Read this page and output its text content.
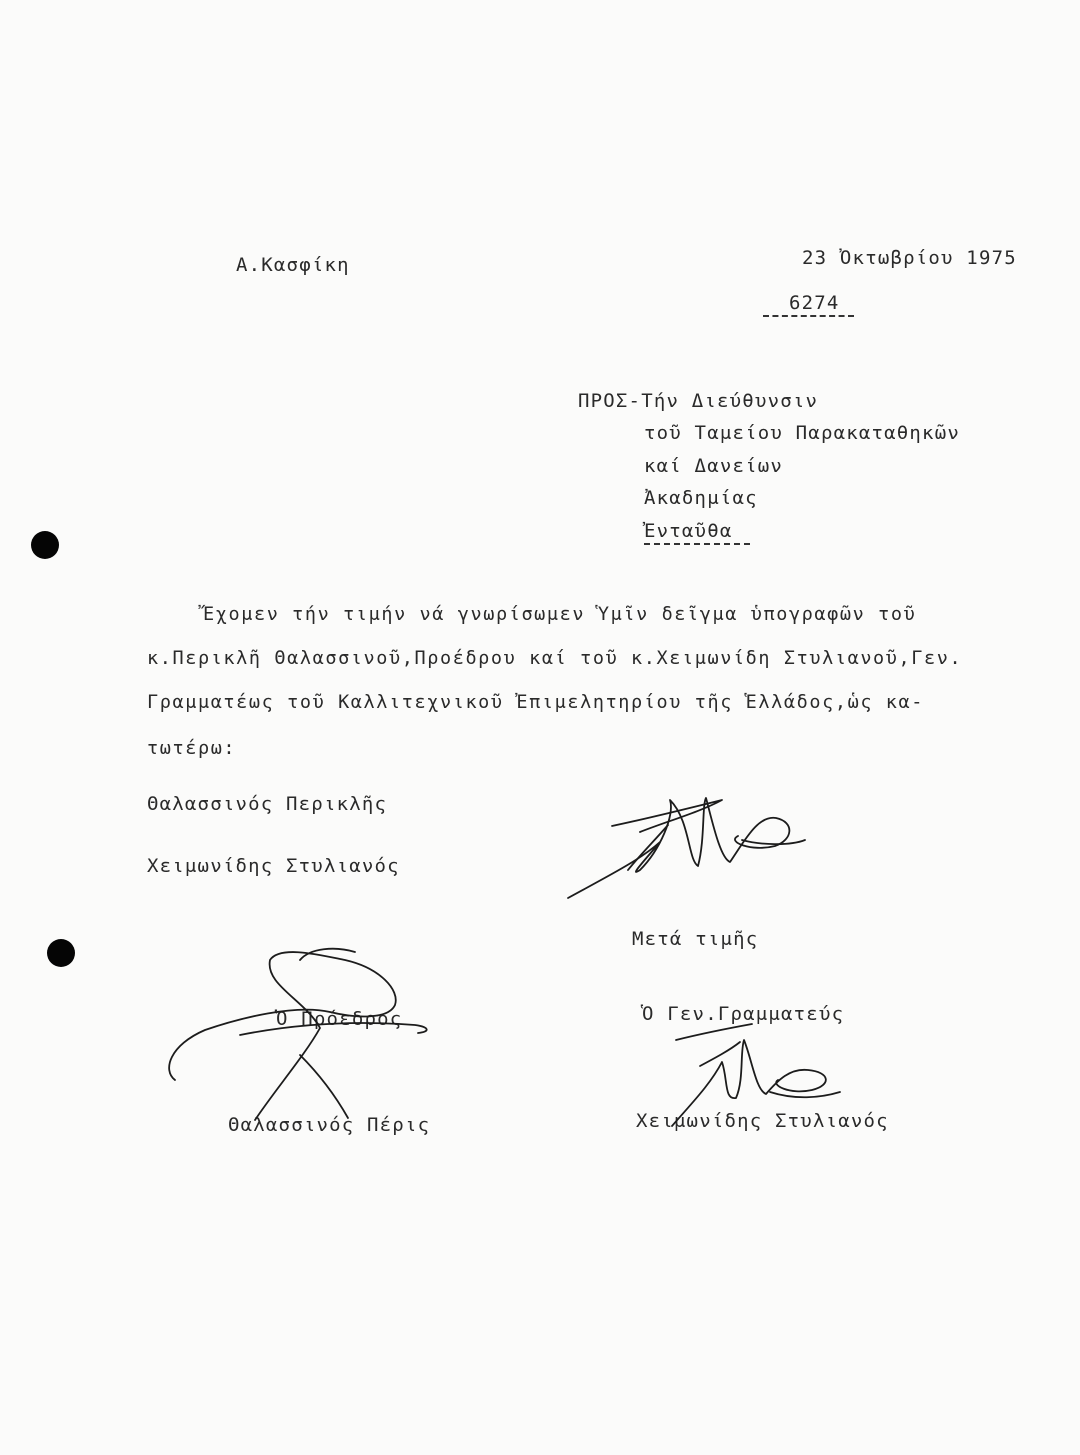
Α.Κασφίκη	23 Ὀκτωβρίου 1975
6274
ΠΡΟΣ-Τήν Διεύθυνσιν
τοῦ Ταμείου Παρακαταθηκῶν
καί Δανείων
Ἀκαδημίας
Ἐνταῦθα
Ἔχομεν τήν τιμήν νά γνωρίσωμεν Ὑμῖν δεῖγμα ὑπογραφῶν τοῦ
κ.Περικλῆ Θαλασσινοῦ,Προέδρου καί τοῦ κ.Χειμωνίδη Στυλιανοῦ,Γεν.
Γραμματέως τοῦ Καλλιτεχνικοῦ Ἐπιμελητηρίου τῆς Ἑλλάδος,ὡς κα-
τωτέρω:
Θαλασσινός Περικλῆς
Χειμωνίδης Στυλιανός
Μετά τιμῆς
Ὁ Πρόεδρος
Θαλασσινός Πέρις
Ὁ Γεν.Γραμματεύς
Χειμωνίδης Στυλιανός
